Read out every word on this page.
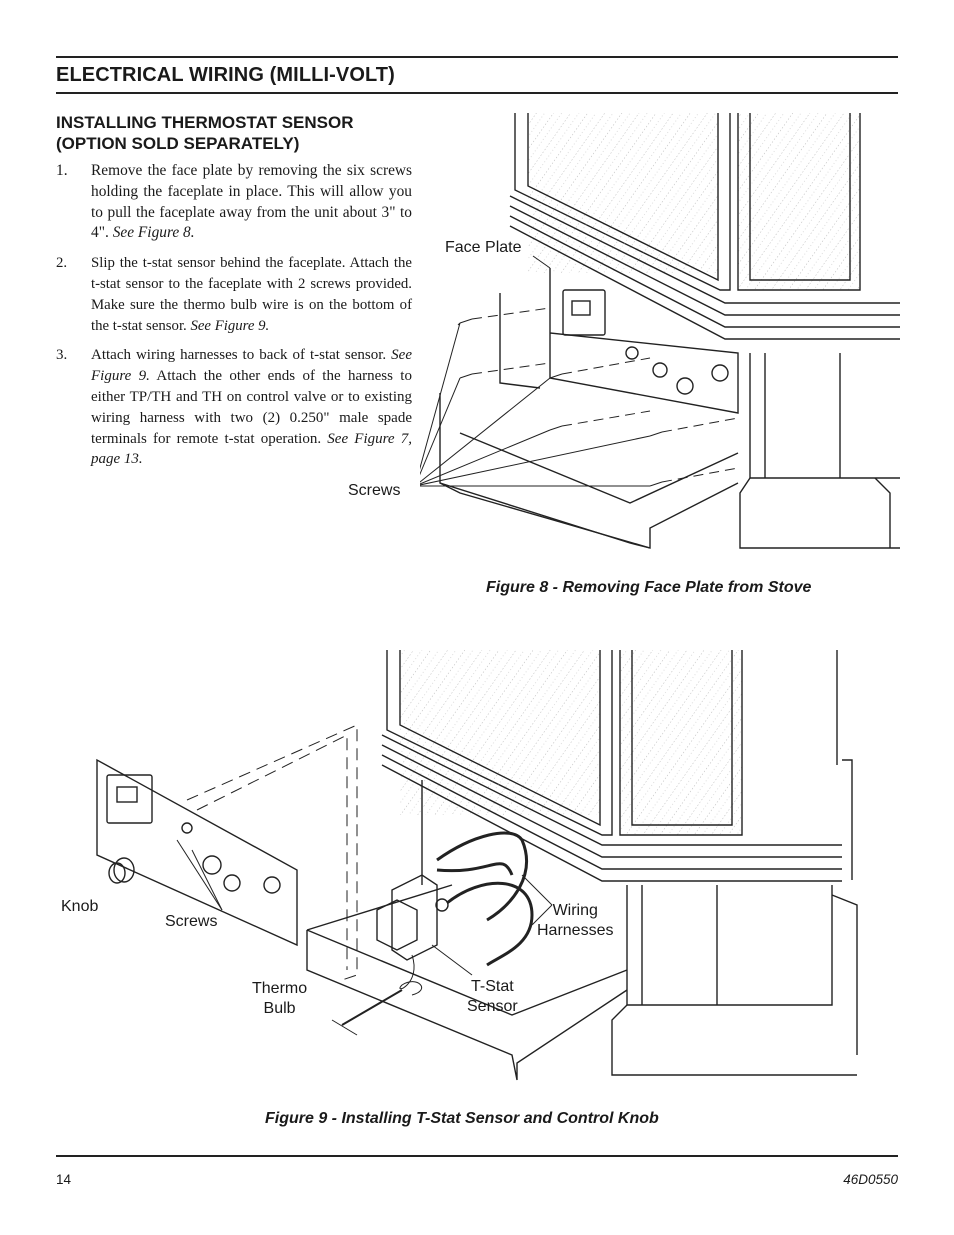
ELECTRICAL WIRING (MILLI-VOLT)
INSTALLING THERMOSTAT SENSOR
(OPTION SOLD SEPARATELY)
1. Remove the face plate by removing the six screws holding the faceplate in place. This will allow you to pull the faceplate away from the unit about 3" to 4". See Figure 8.
2. Slip the t-stat sensor behind the faceplate. Attach the t-stat sensor to the faceplate with 2 screws provided. Make sure the thermo bulb wire is on the bottom of the t-stat sensor. See Figure 9.
3. Attach wiring harnesses to back of t-stat sensor. See Figure 9. Attach the other ends of the harness to either TP/TH and TH on control valve or to existing wiring harness with two (2) 0.250" male spade terminals for remote t-stat operation. See Figure 7, page 13.
Face Plate
Screws
Figure 8 - Removing Face Plate from Stove
Knob
Screws
Wiring
Harnesses
Thermo
Bulb
T-Stat
Sensor
Figure 9 - Installing T-Stat Sensor and Control Knob
14	46D0550
